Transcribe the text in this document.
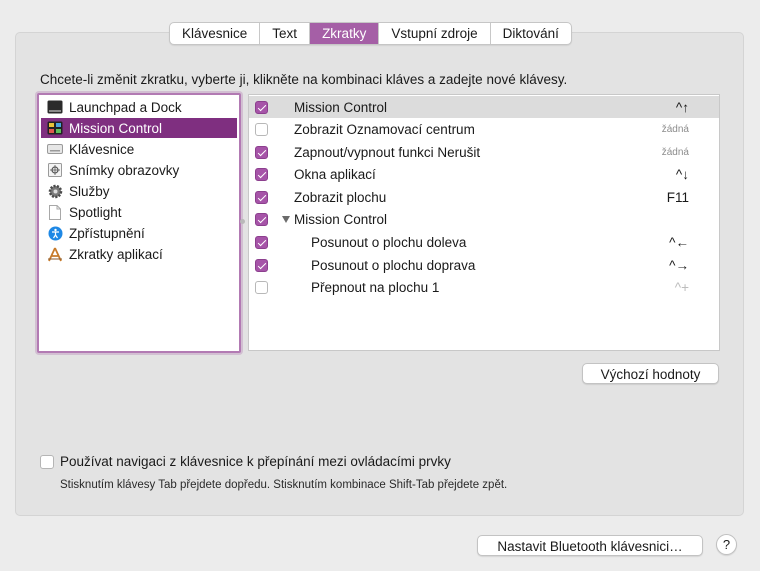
Klávesnice	Text	Zkratky	Vstupní zdroje	Diktování
Chcete-li změnit zkratku, vyberte ji, klikněte na kombinaci kláves a zadejte nové klávesy.
Launchpad a Dock
Mission Control
Klávesnice
Snímky obrazovky
Služby
Spotlight
Zpřístupnění
Zkratky aplikací
Mission Control	^↑
Zobrazit Oznamovací centrum	žádná
Zapnout/vypnout funkci Nerušit	žádná
Okna aplikací	^↓
Zobrazit plochu	F11
Mission Control
Posunout o plochu doleva	^←
Posunout o plochu doprava	^→
Přepnout na plochu 1	^+
Výchozí hodnoty
Používat navigaci z klávesnice k přepínání mezi ovládacími prvky
Stisknutím klávesy Tab přejdete dopředu. Stisknutím kombinace Shift-Tab přejdete zpět.
Nastavit Bluetooth klávesnici…	?
